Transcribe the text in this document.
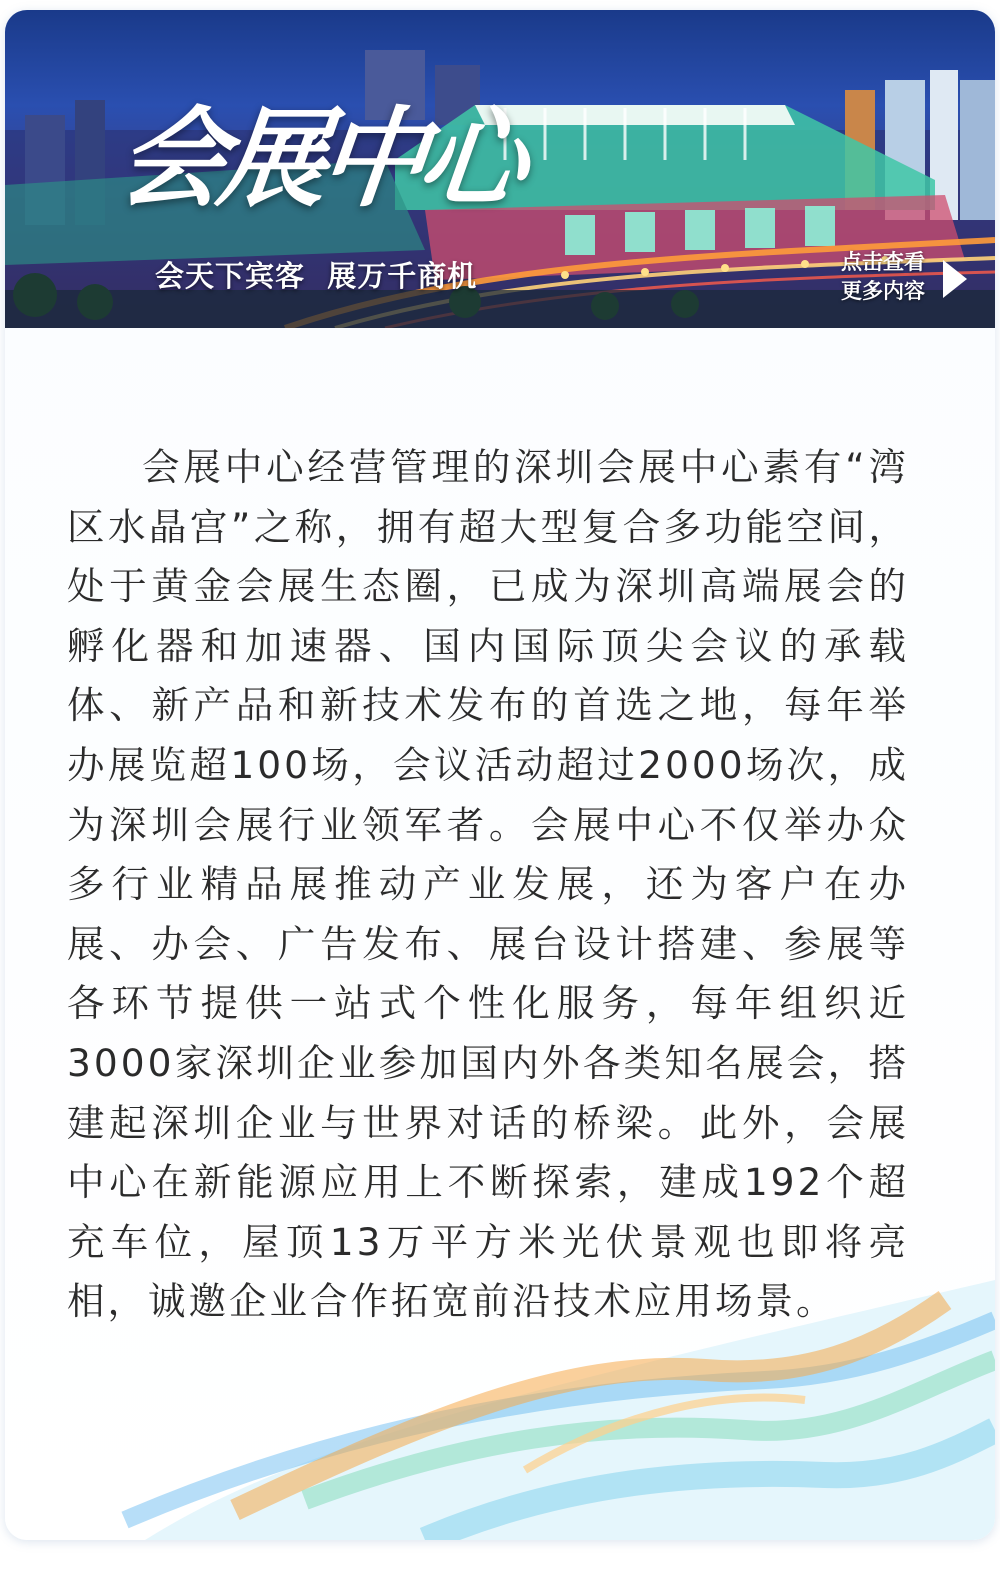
会展中心
会天下宾客  展万千商机	点击查看
更多内容

会展中心经营管理的深圳会展中心素有“湾区水晶宫”之称，拥有超大型复合多功能空间，处于黄金会展生态圈，已成为深圳高端展会的孵化器和加速器、国内国际顶尖会议的承载体、新产品和新技术发布的首选之地，每年举办展览超100场，会议活动超过2000场次，成为深圳会展行业领军者。会展中心不仅举办众多行业精品展推动产业发展，还为客户在办展、办会、广告发布、展台设计搭建、参展等各环节提供一站式个性化服务，每年组织近3000家深圳企业参加国内外各类知名展会，搭建起深圳企业与世界对话的桥梁。此外，会展中心在新能源应用上不断探索，建成192个超充车位，屋顶13万平方米光伏景观也即将亮相，诚邀企业合作拓宽前沿技术应用场景。
